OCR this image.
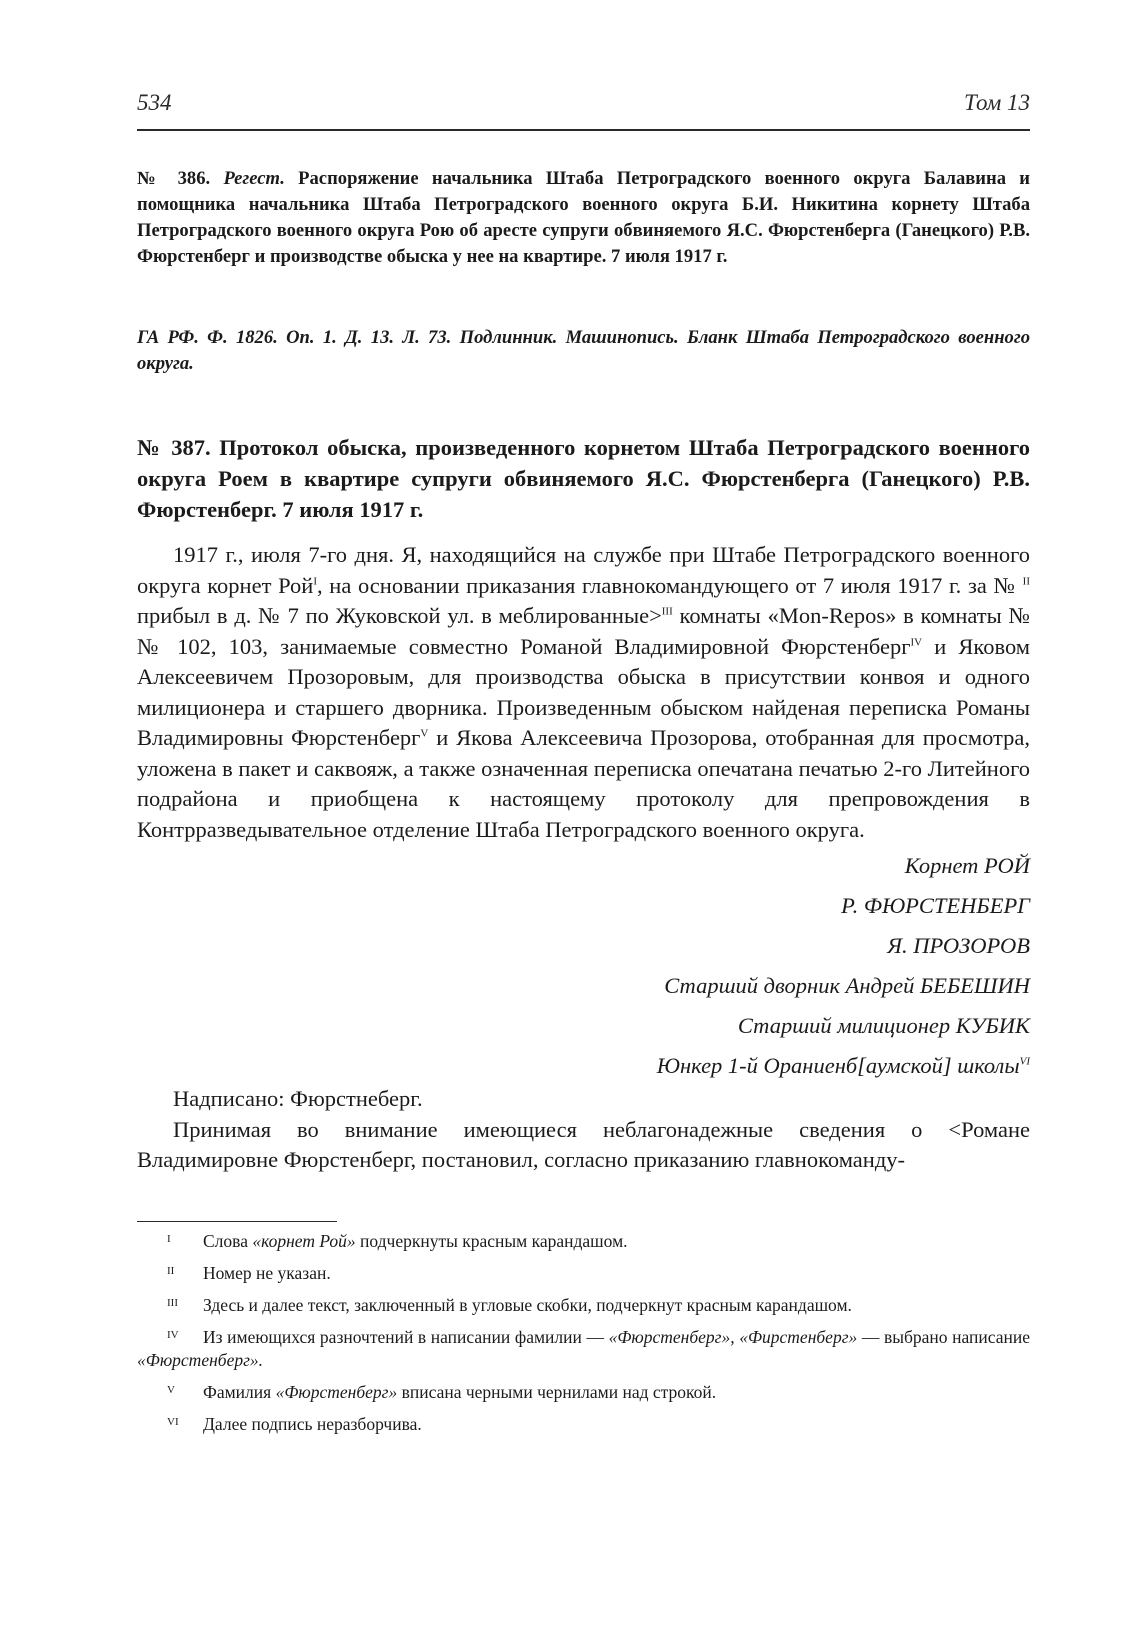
534	Том 13
№ 386. Регест. Распоряжение начальника Штаба Петроградского военного округа Балавина и помощника начальника Штаба Петроградского военного округа Б.И. Никитина корнету Штаба Петроградского военного округа Рою об аресте супруги обвиняемого Я.С. Фюрстенберга (Ганецкого) Р.В. Фюрстенберг и производстве обыска у нее на квартире. 7 июля 1917 г.
ГА РФ. Ф. 1826. Оп. 1. Д. 13. Л. 73. Подлинник. Машинопись. Бланк Штаба Петроградского военного округа.
№ 387. Протокол обыска, произведенного корнетом Штаба Петроградского военного округа Роем в квартире супруги обвиняемого Я.С. Фюрстенберга (Ганецкого) Р.В. Фюрстенберг. 7 июля 1917 г.

1917 г., июля 7-го дня. Я, находящийся на службе при Штабе Петроградского военного округа корнет Рой$^I$, на основании приказания главнокомандующего от 7 июля 1917 г. за № $^{II}$ прибыл в д. № 7 по Жуковской ул. в меблированные>$^{III}$ комнаты «Mon-Repos» в комнаты №№ 102, 103, занимаемые совместно Романой Владимировной Фюрстенберг$^{IV}$ и Яковом Алексеевичем Прозоровым, для производства обыска в присутствии конвоя и одного милиционера и старшего дворника. Произведенным обыском найденая переписка Романы Владимировны Фюрстенберг$^V$ и Якова Алексеевича Прозорова, отобранная для просмотра, уложена в пакет и саквояж, а также означенная переписка опечатана печатью 2-го Литейного подрайона и приобщена к настоящему протоколу для препровождения в Контрразведывательное отделение Штаба Петроградского военного округа.

Корнет РОЙ
Р. ФЮРСТЕНБЕРГ
Я. ПРОЗОРОВ
Старший дворник Андрей БЕБЕШИН
Старший милиционер КУБИК
Юнкер 1-й Ораниенб[аумской] школы$^{VI}$

Надписано: Фюрстнеберг.

Принимая во внимание имеющиеся неблагонадежные сведения о <Романе Владимировне Фюрстенберг, постановил, согласно приказанию главнокоманду-

I	Слова «корнет Рой» подчеркнуты красным карандашом.
II	Номер не указан.
III	Здесь и далее текст, заключенный в угловые скобки, подчеркнут красным карандашом.
IV	Из имеющихся разночтений в написании фамилии — «Фюрстенберг», «Фирстенберг» — выбрано написание «Фюрстенберг».
V	Фамилия «Фюрстенберг» вписана черными чернилами над строкой.
VI	Далее подпись неразборчива.
